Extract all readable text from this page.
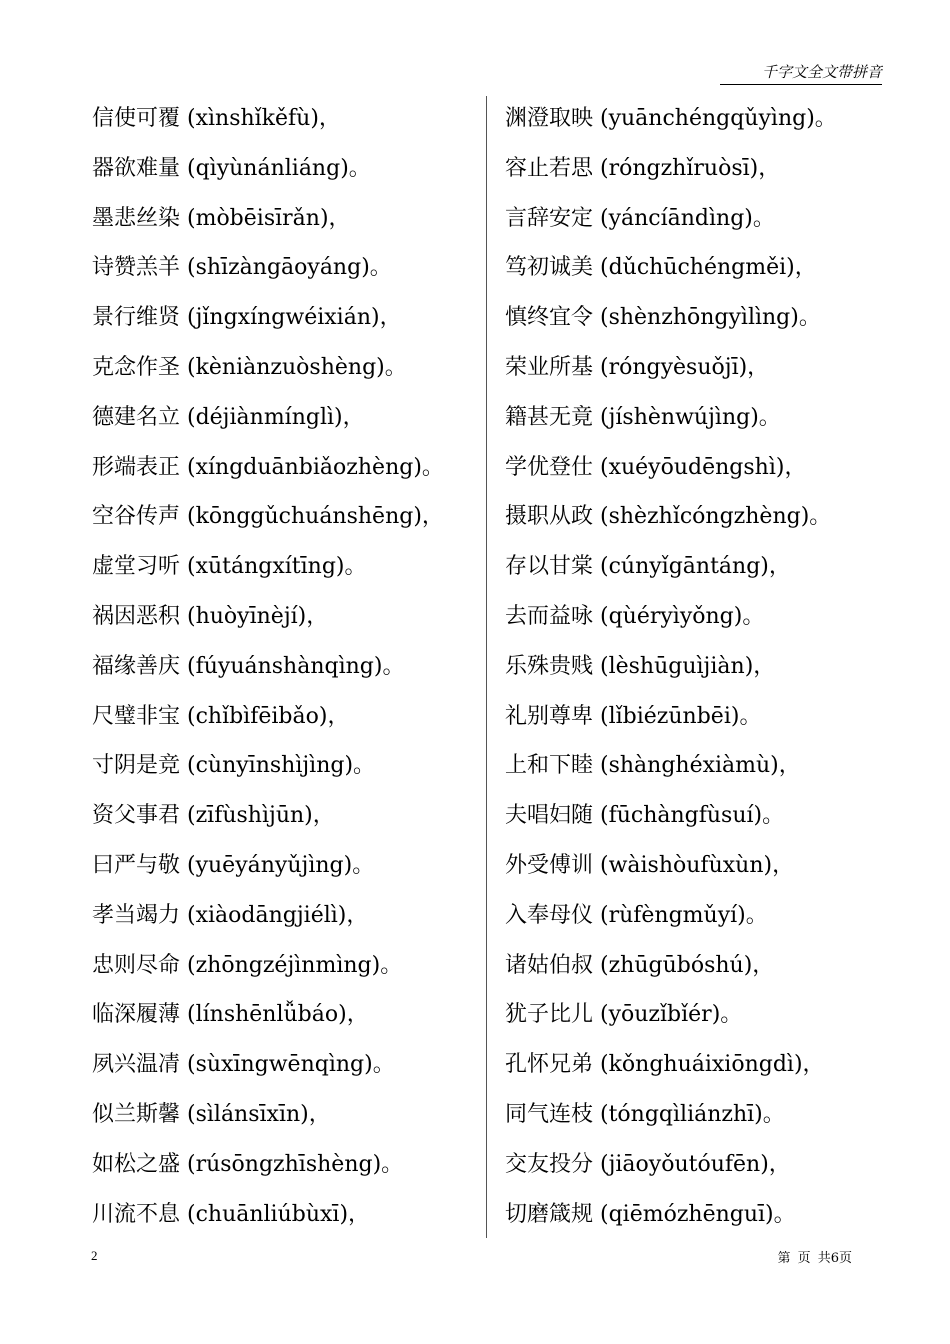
千字文全文带拼音
信使可覆 (xìnshǐkěfù)，
器欲难量 (qìyùnánliáng)。
墨悲丝染 (mòbēisīrǎn)，
诗赞羔羊 (shīzàngāoyáng)。
景行维贤 (jǐngxíngwéixián)，
克念作圣 (kèniànzuòshèng)。
德建名立 (déjiànmínglì)，
形端表正 (xíngduānbiǎozhèng)。
空谷传声 (kōnggǔchuánshēng)，
虚堂习听 (xūtángxítīng)。
祸因恶积 (huòyīnèjí)，
福缘善庆 (fúyuánshànqìng)。
尺璧非宝 (chǐbìfēibǎo)，
寸阴是竞 (cùnyīnshìjìng)。
资父事君 (zīfùshìjūn)，
曰严与敬 (yuēyányǔjìng)。
孝当竭力 (xiàodāngjiélì)，
忠则尽命 (zhōngzéjìnmìng)。
临深履薄 (línshēnlǚbáo)，
夙兴温凊 (sùxīngwēnqìng)。
似兰斯馨 (sìlánsīxīn)，
如松之盛 (rúsōngzhīshèng)。
川流不息 (chuānliúbùxī)，
渊澄取映 (yuānchéngqǔyìng)。
容止若思 (róngzhǐruòsī)，
言辞安定 (yáncíāndìng)。
笃初诚美 (dǔchūchéngměi)，
慎终宜令 (shènzhōngyìlìng)。
荣业所基 (róngyèsuǒjī)，
籍甚无竟 (jíshènwújìng)。
学优登仕 (xuéyōudēngshì)，
摄职从政 (shèzhǐcóngzhèng)。
存以甘棠 (cúnyǐgāntáng)，
去而益咏 (qùéryìyǒng)。
乐殊贵贱 (lèshūguìjiàn)，
礼别尊卑 (lǐbiézūnbēi)。
上和下睦 (shànghéxiàmù)，
夫唱妇随 (fūchàngfùsuí)。
外受傅训 (wàishòufùxùn)，
入奉母仪 (rùfèngmǔyí)。
诸姑伯叔 (zhūgūbóshú)，
犹子比儿 (yōuzǐbǐér)。
孔怀兄弟 (kǒnghuáixiōngdì)，
同气连枝 (tóngqìliánzhī)。
交友投分 (jiāoyǒutóufēn)，
切磨箴规 (qiēmózhēnguī)。
2	第 页 共6页
